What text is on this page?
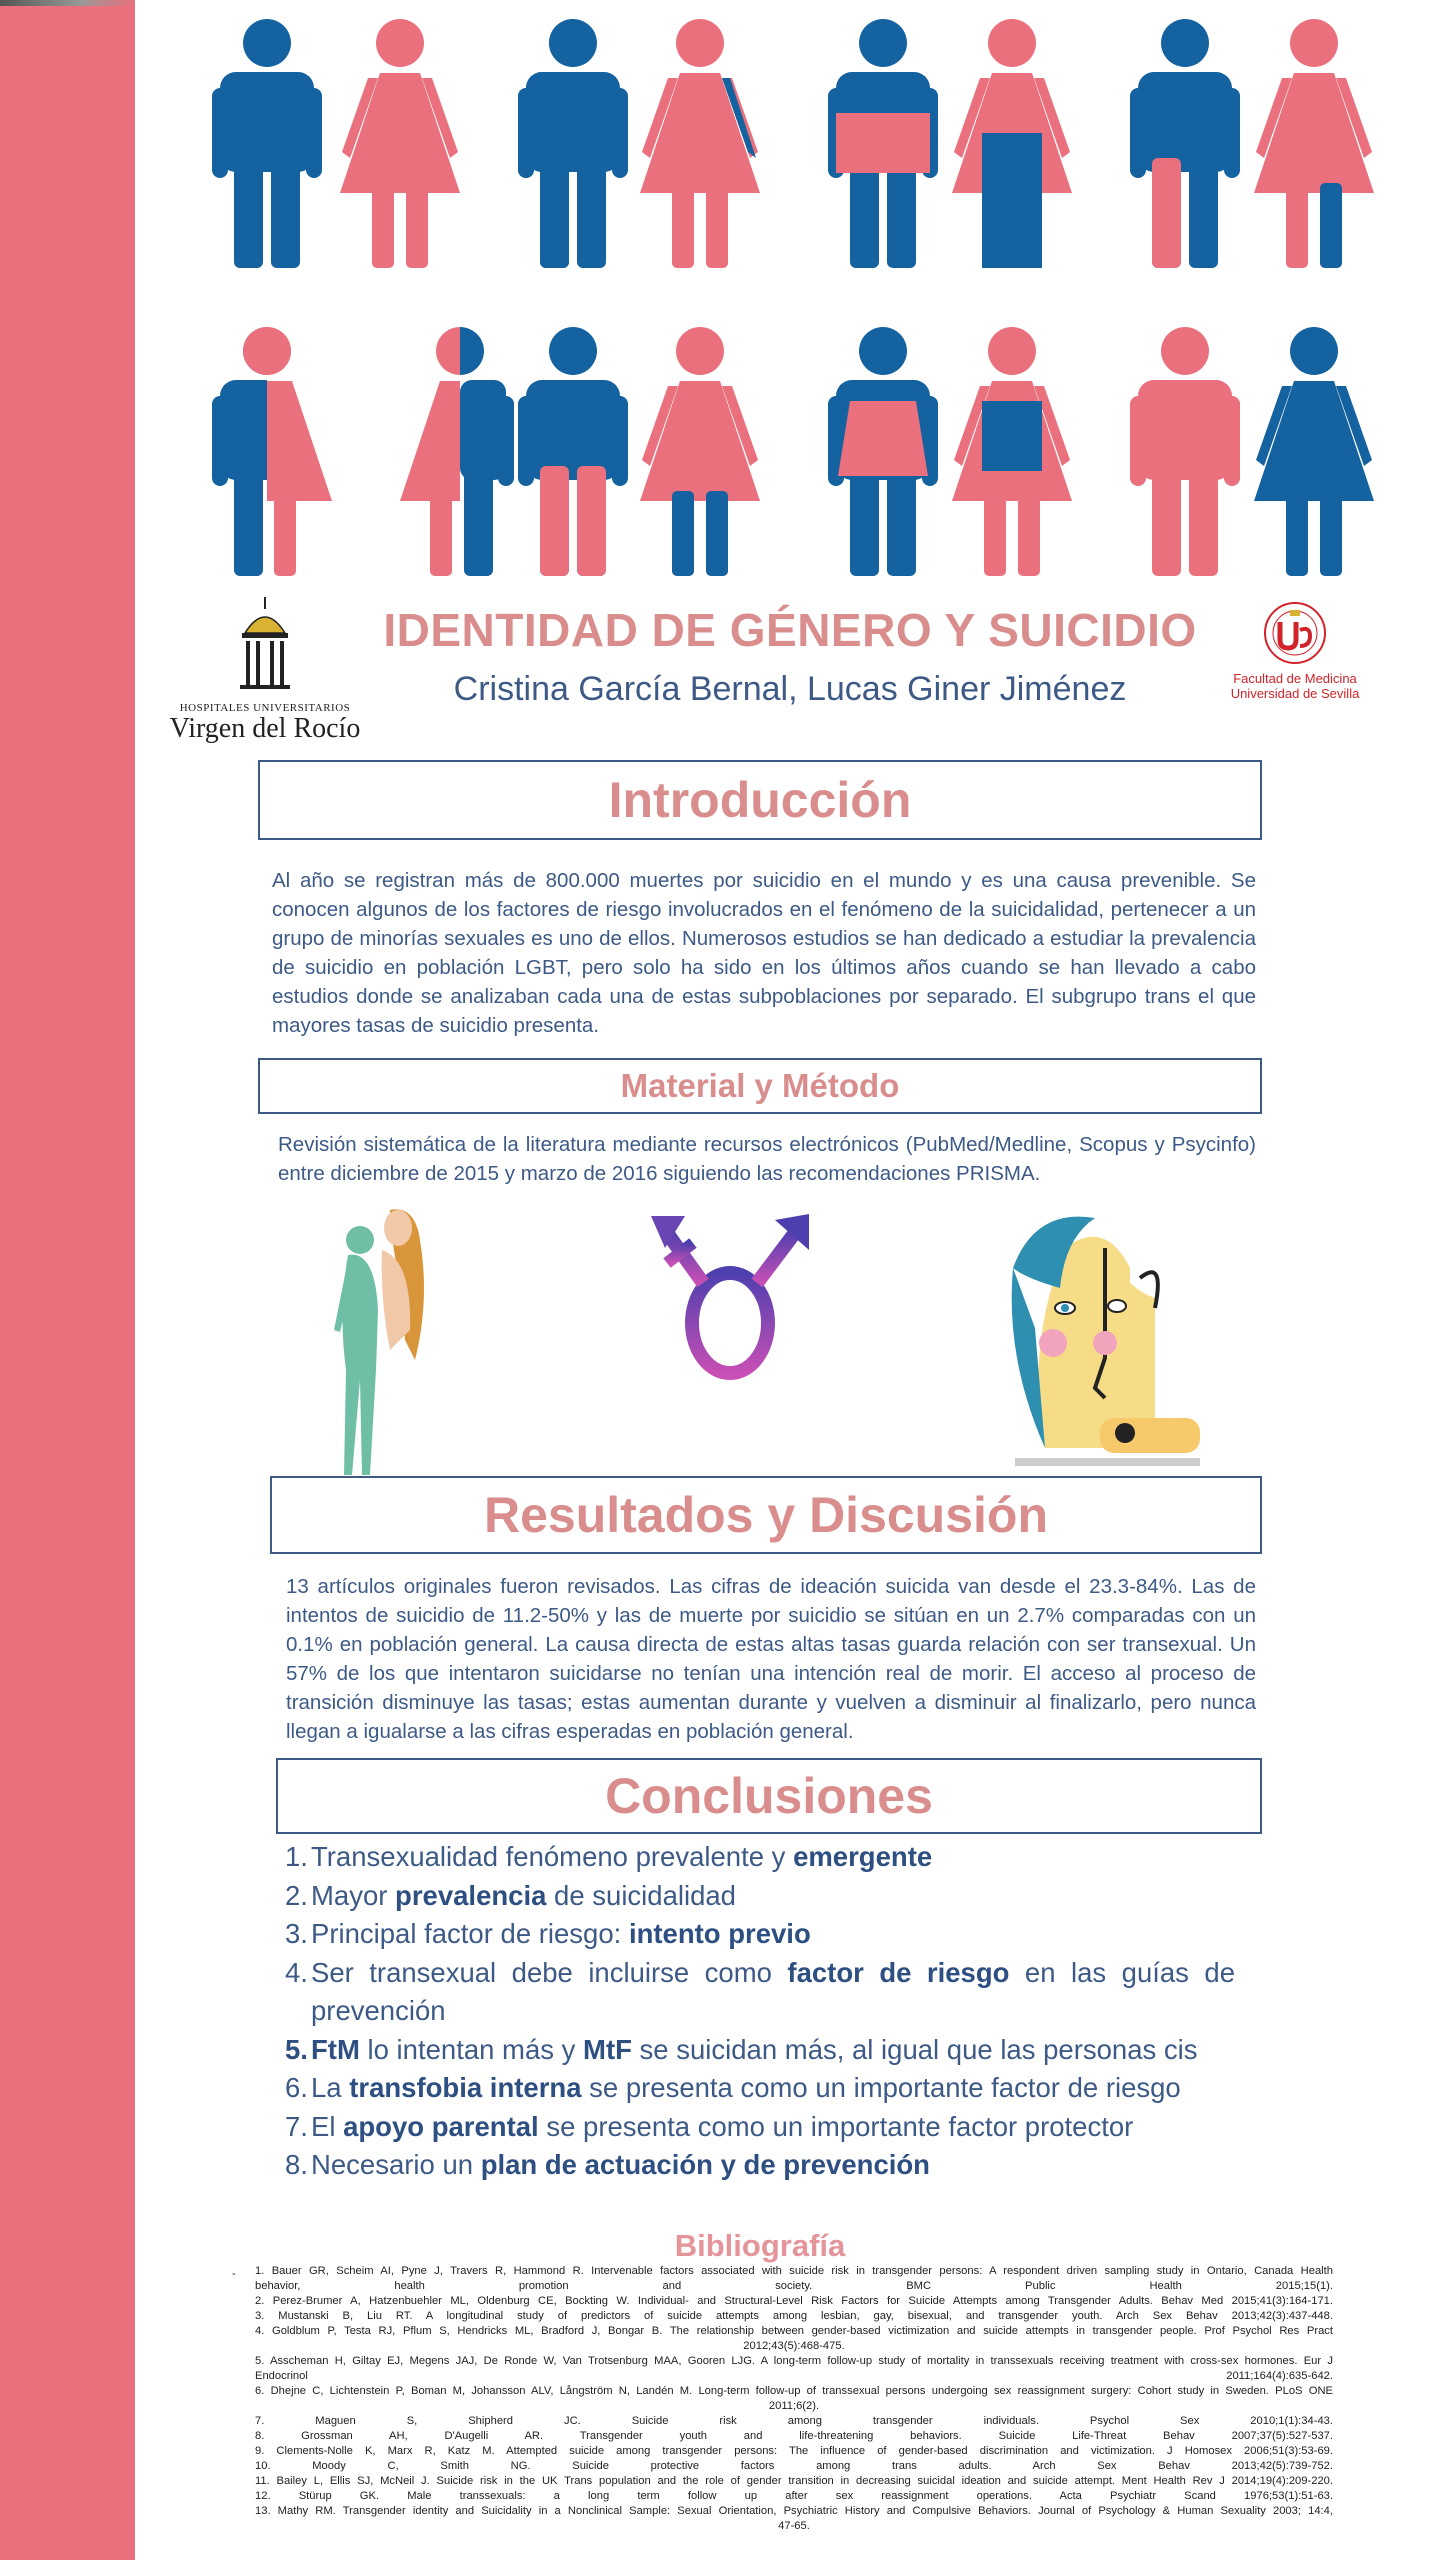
HOSPITALES UNIVERSITARIOS
Virgen del Rocío
Facultad de Medicina
Universidad de Sevilla
IDENTIDAD DE GÉNERO Y SUICIDIO
Cristina García Bernal, Lucas Giner Jiménez
Introducción
Al año se registran más de 800.000 muertes por suicidio en el mundo y es una causa prevenible. Se conocen algunos de los factores de riesgo involucrados en el fenómeno de la suicidalidad, pertenecer a un grupo de minorías sexuales es uno de ellos. Numerosos estudios se han dedicado a estudiar la prevalencia de suicidio en población LGBT, pero solo ha sido en los últimos años cuando se han llevado a cabo estudios donde se analizaban cada una de estas subpoblaciones por separado. El subgrupo trans el que mayores tasas de suicidio presenta.
Material y Método
Revisión sistemática de la literatura mediante recursos electrónicos (PubMed/Medline, Scopus y Psycinfo) entre diciembre de 2015 y marzo de 2016 siguiendo las recomendaciones PRISMA.
Resultados y Discusión
13 artículos originales fueron revisados. Las cifras de ideación suicida van desde el 23.3-84%. Las de intentos de suicidio de 11.2-50% y las de muerte por suicidio se sitúan en un 2.7% comparadas con un 0.1% en población general. La causa directa de estas altas tasas guarda relación con ser transexual. Un 57% de los que intentaron suicidarse no tenían una intención real de morir. El acceso al proceso de transición disminuye las tasas; estas aumentan durante y vuelven a disminuir al finalizarlo, pero nunca llegan a igualarse a las cifras esperadas en población general.
Conclusiones
1. Transexualidad fenómeno prevalente y emergente
2. Mayor prevalencia de suicidalidad
3. Principal factor de riesgo: intento previo
4. Ser transexual debe incluirse como factor de riesgo en las guías de prevención
5. FtM lo intentan más y MtF se suicidan más, al igual que las personas cis
6. La transfobia interna se presenta como un importante factor de riesgo
7. El apoyo parental se presenta como un importante factor protector
8. Necesario un plan de actuación y de prevención
Bibliografía
- 1. Bauer GR, Scheim AI, Pyne J, Travers R, Hammond R. Intervenable factors associated with suicide risk in transgender persons: A respondent driven sampling study in Ontario, Canada Health
behavior, health promotion and society. BMC Public Health 2015;15(1).
2. Perez-Brumer A, Hatzenbuehler ML, Oldenburg CE, Bockting W. Individual- and Structural-Level Risk Factors for Suicide Attempts among Transgender Adults. Behav Med 2015;41(3):164-171.
3. Mustanski B, Liu RT. A longitudinal study of predictors of suicide attempts among lesbian, gay, bisexual, and transgender youth. Arch Sex Behav 2013;42(3):437-448.
4. Goldblum P, Testa RJ, Pflum S, Hendricks ML, Bradford J, Bongar B. The relationship between gender-based victimization and suicide attempts in transgender people. Prof Psychol Res Pract
2012;43(5):468-475.
5. Asscheman H, Giltay EJ, Megens JAJ, De Ronde W, Van Trotsenburg MAA, Gooren LJG. A long-term follow-up study of mortality in transsexuals receiving treatment with cross-sex hormones. Eur J
Endocrinol 2011;164(4):635-642.
6. Dhejne C, Lichtenstein P, Boman M, Johansson ALV, Långström N, Landén M. Long-term follow-up of transsexual persons undergoing sex reassignment surgery: Cohort study in Sweden. PLoS ONE
2011;6(2).
7. Maguen S, Shipherd JC. Suicide risk among transgender individuals. Psychol Sex 2010;1(1):34-43.
8. Grossman AH, D'Augelli AR. Transgender youth and life-threatening behaviors. Suicide Life-Threat Behav 2007;37(5):527-537.
9. Clements-Nolle K, Marx R, Katz M. Attempted suicide among transgender persons: The influence of gender-based discrimination and victimization. J Homosex 2006;51(3):53-69.
10. Moody C, Smith NG. Suicide protective factors among trans adults. Arch Sex Behav 2013;42(5):739-752.
11. Bailey L, Ellis SJ, McNeil J. Suicide risk in the UK Trans population and the role of gender transition in decreasing suicidal ideation and suicide attempt. Ment Health Rev J 2014;19(4):209-220.
12. Stürup GK. Male transsexuals: a long term follow up after sex reassignment operations. Acta Psychiatr Scand 1976;53(1):51-63.
13. Mathy RM. Transgender identity and Suicidality in a Nonclinical Sample: Sexual Orientation, Psychiatric History and Compulsive Behaviors. Journal of Psychology & Human Sexuality 2003; 14:4,
47-65.
